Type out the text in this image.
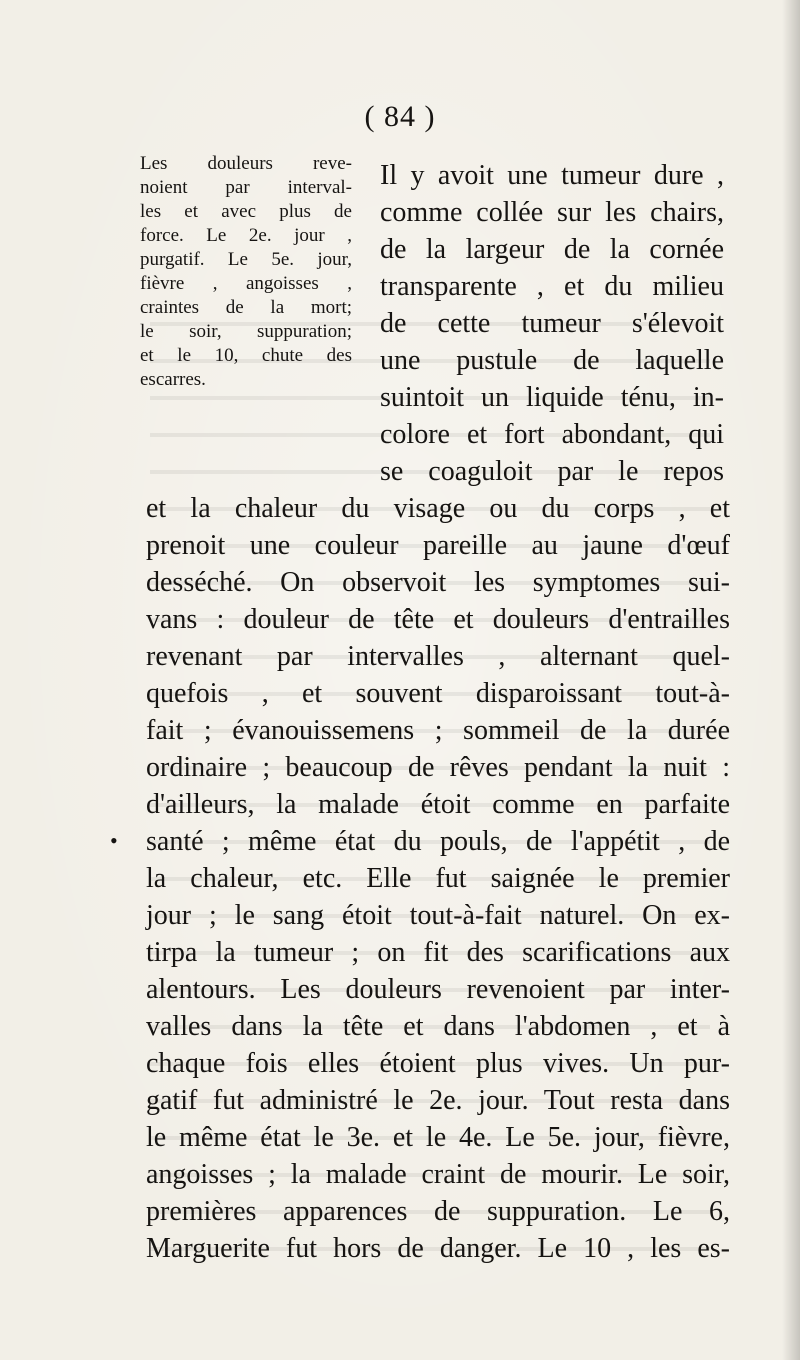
( 84 )
Les douleurs reve-
noient par interval-
les et avec plus de
force. Le 2e. jour ,
purgatif. Le 5e. jour,
fièvre , angoisses ,
craintes de la mort;
le soir, suppuration;
et le 10, chute des
escarres.
•
Il y avoit une tumeur dure ,
comme collée sur les chairs,
de la largeur de la cornée
transparente , et du milieu
de cette tumeur s'élevoit
une pustule de laquelle
suintoit un liquide ténu, in-
colore et fort abondant, qui
se coaguloit par le repos
et la chaleur du visage ou du corps , et
prenoit une couleur pareille au jaune d'œuf
desséché. On observoit les symptomes sui-
vans : douleur de tête et douleurs d'entrailles
revenant par intervalles , alternant quel-
quefois , et souvent disparoissant tout-à-
fait ; évanouissemens ; sommeil de la durée
ordinaire ; beaucoup de rêves pendant la nuit :
d'ailleurs, la malade étoit comme en parfaite
santé ; même état du pouls, de l'appétit , de
la chaleur, etc. Elle fut saignée le premier
jour ; le sang étoit tout-à-fait naturel. On ex-
tirpa la tumeur ; on fit des scarifications aux
alentours. Les douleurs revenoient par inter-
valles dans la tête et dans l'abdomen , et à
chaque fois elles étoient plus vives. Un pur-
gatif fut administré le 2e. jour. Tout resta dans
le même état le 3e. et le 4e. Le 5e. jour, fièvre,
angoisses ; la malade craint de mourir. Le soir,
premières apparences de suppuration. Le 6,
Marguerite fut hors de danger. Le 10 , les es-
